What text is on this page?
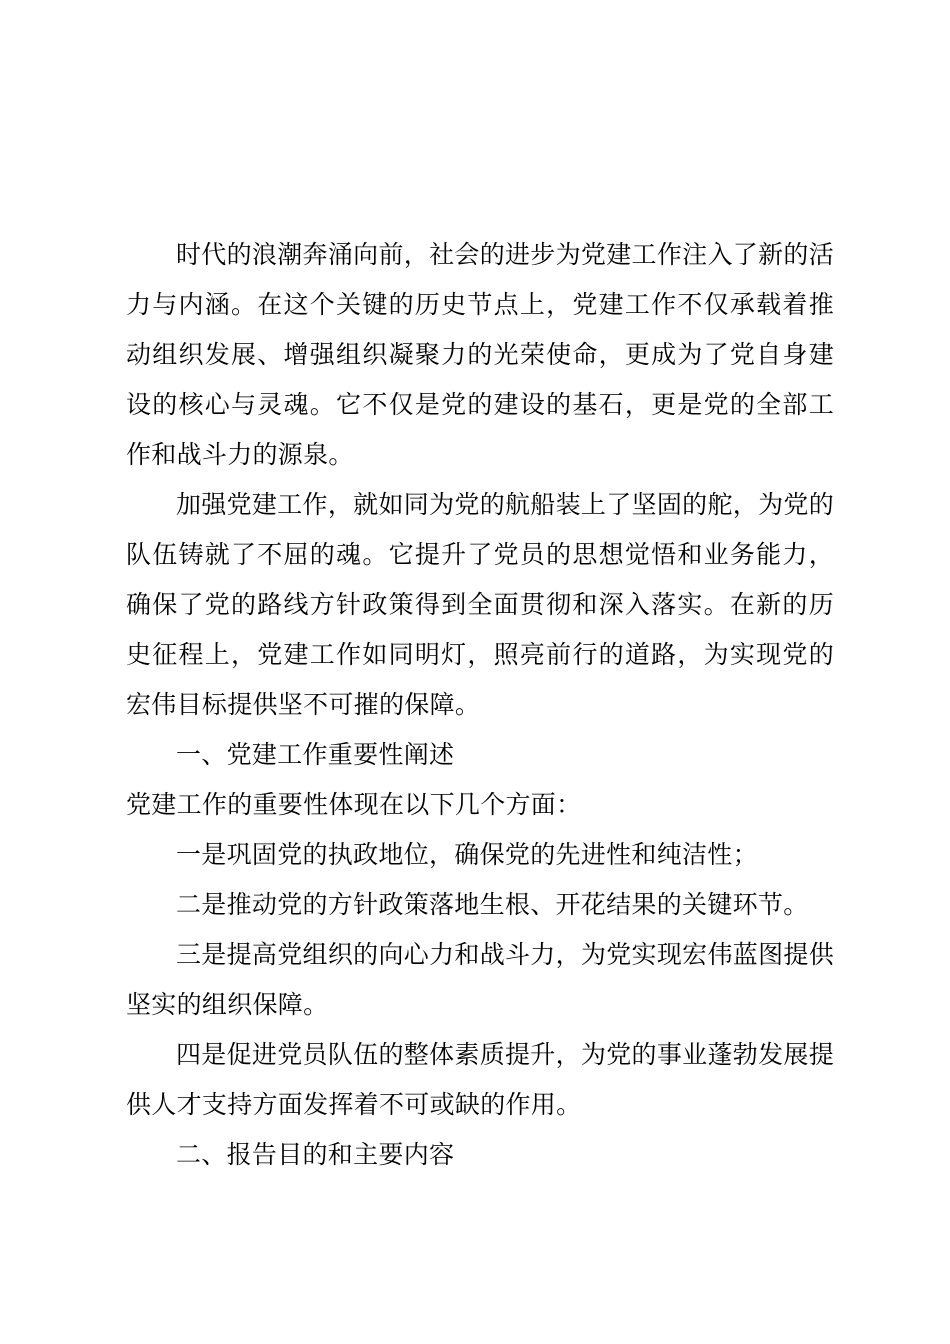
时代的浪潮奔涌向前，社会的进步为党建工作注入了新的活力与内涵。在这个关键的历史节点上，党建工作不仅承载着推动组织发展、增强组织凝聚力的光荣使命，更成为了党自身建设的核心与灵魂。它不仅是党的建设的基石，更是党的全部工作和战斗力的源泉。

加强党建工作，就如同为党的航船装上了坚固的舵，为党的队伍铸就了不屈的魂。它提升了党员的思想觉悟和业务能力，确保了党的路线方针政策得到全面贯彻和深入落实。在新的历史征程上，党建工作如同明灯，照亮前行的道路，为实现党的宏伟目标提供坚不可摧的保障。

一、党建工作重要性阐述

党建工作的重要性体现在以下几个方面：

一是巩固党的执政地位，确保党的先进性和纯洁性；

二是推动党的方针政策落地生根、开花结果的关键环节。

三是提高党组织的向心力和战斗力，为党实现宏伟蓝图提供坚实的组织保障。

四是促进党员队伍的整体素质提升，为党的事业蓬勃发展提供人才支持方面发挥着不可或缺的作用。

二、报告目的和主要内容
